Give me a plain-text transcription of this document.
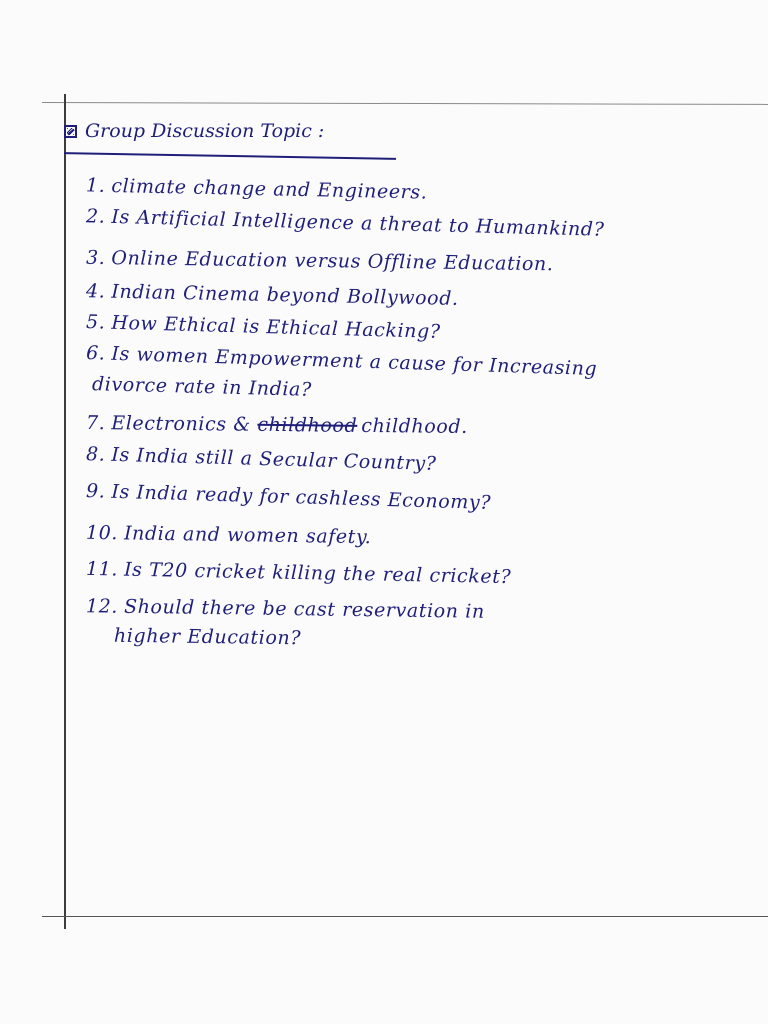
Group Discussion Topic :
1. climate change and Engineers.
2. Is Artificial Intelligence a threat to Humankind?
3. Online Education versus Offline Education.
4. Indian Cinema beyond Bollywood.
5. How Ethical is Ethical Hacking?
6. Is women Empowerment a cause for Increasing
divorce rate in India?
7. Electronics & childhood childhood.
8. Is India still a Secular Country?
9. Is India ready for cashless Economy?
10. India and women safety.
11. Is T20 cricket killing the real cricket?
12. Should there be cast reservation in
higher Education?
